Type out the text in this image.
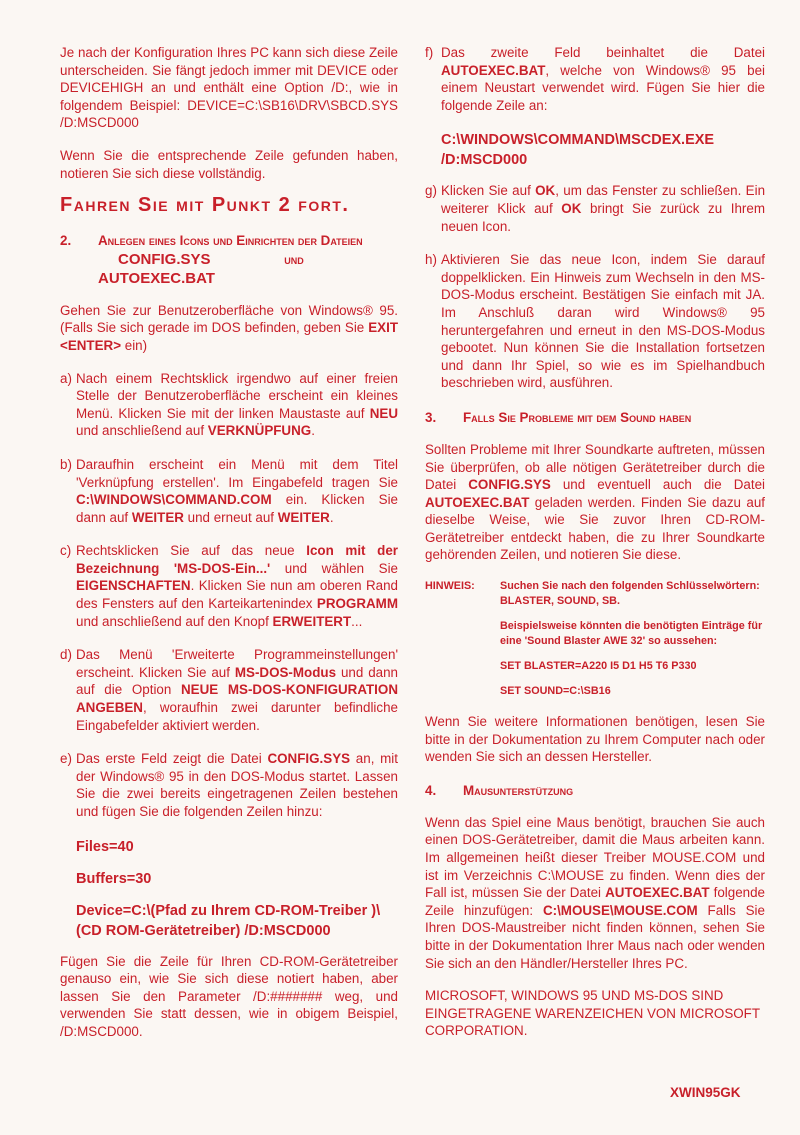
Je nach der Konfiguration Ihres PC kann sich diese Zeile unterscheiden. Sie fängt jedoch immer mit DEVICE oder DEVICEHIGH an und enthält eine Option /D:, wie in folgendem Beispiel: DEVICE=C:\SB16\DRV\SBCD.SYS /D:MSCD000

Wenn Sie die entsprechende Zeile gefunden haben, notieren Sie sich diese vollständig.

Fahren Sie mit Punkt 2 fort.
2.	Anlegen eines Icons und Einrichten der Dateien CONFIG.SYS	und
AUTOEXEC.BAT

Gehen Sie zur Benutzeroberfläche von Windows® 95. (Falls Sie sich gerade im DOS befinden, geben Sie EXIT <ENTER> ein)

a) Nach einem Rechtsklick irgendwo auf einer freien Stelle der Benutzeroberfläche erscheint ein kleines Menü. Klicken Sie mit der linken Maustaste auf NEU und anschließend auf VERKNÜPFUNG.
b) Daraufhin erscheint ein Menü mit dem Titel 'Verknüpfung erstellen'. Im Eingabefeld tragen Sie C:\WINDOWS\COMMAND.COM ein. Klicken Sie dann auf WEITER und erneut auf WEITER.
c) Rechtsklicken Sie auf das neue Icon mit der Bezeichnung 'MS-DOS-Ein...' und wählen Sie EIGENSCHAFTEN. Klicken Sie nun am oberen Rand des Fensters auf den Karteikartenindex PROGRAMM und anschließend auf den Knopf ERWEITERT...
d) Das Menü 'Erweiterte Programmeinstellungen' erscheint. Klicken Sie auf MS-DOS-Modus und dann auf die Option NEUE MS-DOS-KONFIGURATION ANGEBEN, woraufhin zwei darunter befindliche Eingabefelder aktiviert werden.
e) Das erste Feld zeigt die Datei CONFIG.SYS an, mit der Windows® 95 in den DOS-Modus startet. Lassen Sie die zwei bereits eingetragenen Zeilen bestehen und fügen Sie die folgenden Zeilen hinzu:
Files=40
Buffers=30
Device=C:\(Pfad zu Ihrem CD-ROM-Treiber )\(CD ROM-Gerätetreiber) /D:MSCD000

Fügen Sie die Zeile für Ihren CD-ROM-Gerätetreiber genauso ein, wie Sie sich diese notiert haben, aber lassen Sie den Parameter /D:####### weg, und verwenden Sie statt dessen, wie in obigem Beispiel, /D:MSCD000.

f) Das zweite Feld beinhaltet die Datei AUTOEXEC.BAT, welche von Windows® 95 bei einem Neustart verwendet wird. Fügen Sie hier die folgende Zeile an:
C:\WINDOWS\COMMAND\MSCDEX.EXE /D:MSCD000
g) Klicken Sie auf OK, um das Fenster zu schließen. Ein weiterer Klick auf OK bringt Sie zurück zu Ihrem neuen Icon.
h) Aktivieren Sie das neue Icon, indem Sie darauf doppelklicken. Ein Hinweis zum Wechseln in den MS-DOS-Modus erscheint. Bestätigen Sie einfach mit JA. Im Anschluß daran wird Windows® 95 heruntergefahren und erneut in den MS-DOS-Modus gebootet. Nun können Sie die Installation fortsetzen und dann Ihr Spiel, so wie es im Spielhandbuch beschrieben wird, ausführen.
3.	Falls Sie Probleme mit dem Sound haben

Sollten Probleme mit Ihrer Soundkarte auftreten, müssen Sie überprüfen, ob alle nötigen Gerätetreiber durch die Datei CONFIG.SYS und eventuell auch die Datei AUTOEXEC.BAT geladen werden. Finden Sie dazu auf dieselbe Weise, wie Sie zuvor Ihren CD-ROM-Gerätetreiber entdeckt haben, die zu Ihrer Soundkarte gehörenden Zeilen, und notieren Sie diese.

HINWEIS:	Suchen Sie nach den folgenden Schlüsselwörtern: BLASTER, SOUND, SB.
Beispielsweise könnten die benötigten Einträge für eine 'Sound Blaster AWE 32' so aussehen:
SET BLASTER=A220 I5 D1 H5 T6 P330
SET SOUND=C:\SB16

Wenn Sie weitere Informationen benötigen, lesen Sie bitte in der Dokumentation zu Ihrem Computer nach oder wenden Sie sich an dessen Hersteller.

4.	Mausunterstützung

Wenn das Spiel eine Maus benötigt, brauchen Sie auch einen DOS-Gerätetreiber, damit die Maus arbeiten kann. Im allgemeinen heißt dieser Treiber MOUSE.COM und ist im Verzeichnis C:\MOUSE zu finden. Wenn dies der Fall ist, müssen Sie der Datei AUTOEXEC.BAT folgende Zeile hinzufügen: C:\MOUSE\MOUSE.COM Falls Sie Ihren DOS-Maustreiber nicht finden können, sehen Sie bitte in der Dokumentation Ihrer Maus nach oder wenden Sie sich an den Händler/Hersteller Ihres PC.

MICROSOFT, WINDOWS 95 UND MS-DOS SIND EINGETRAGENE WARENZEICHEN VON MICROSOFT CORPORATION.

XWIN95GK
